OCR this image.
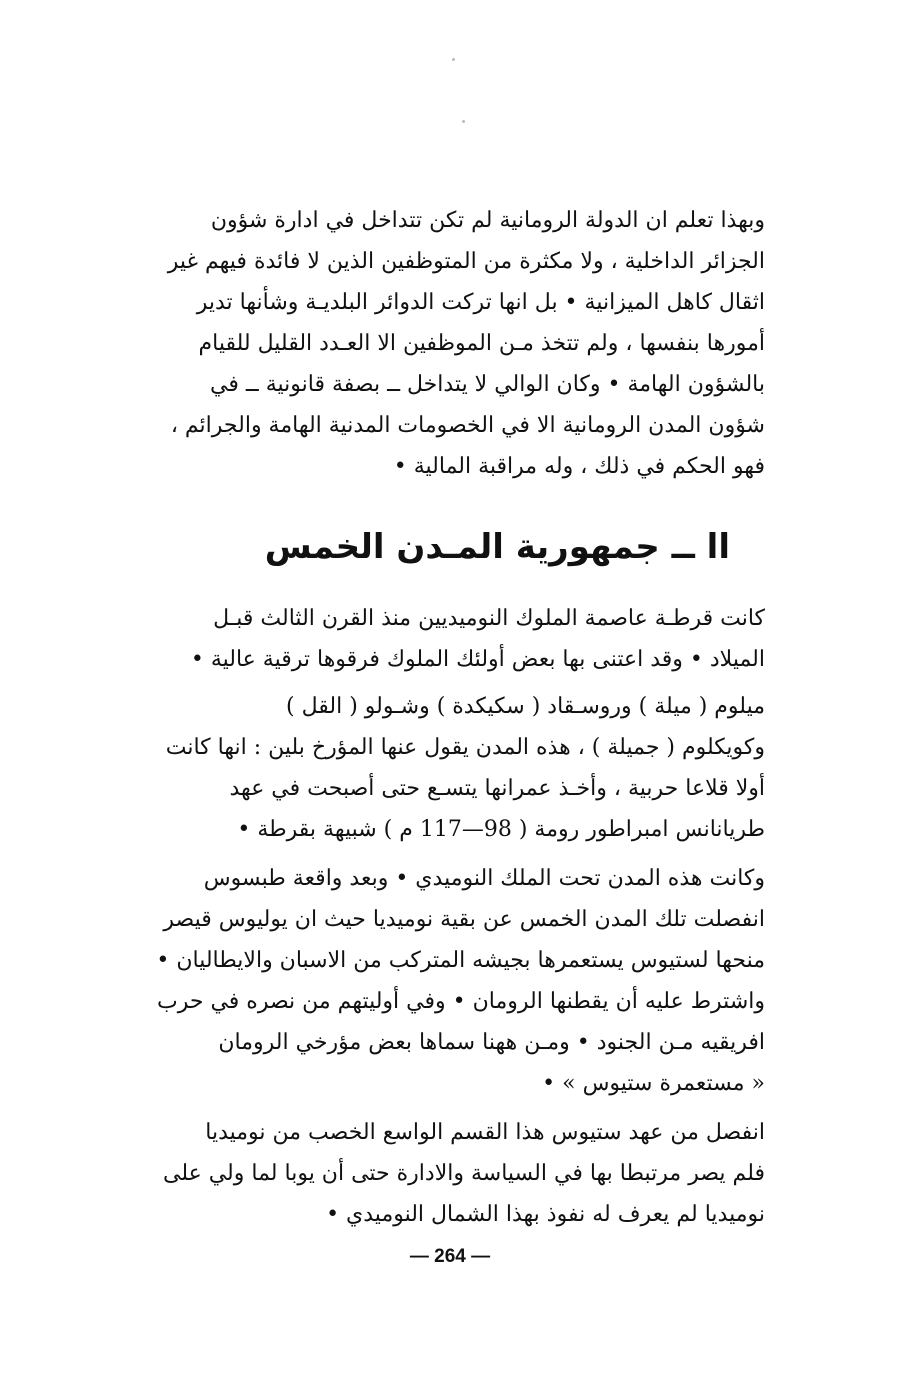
وبهذا تعلم ان الدولة الرومانية لم تكن تتداخل في ادارة شؤون
الجزائر الداخلية ، ولا مكثرة من المتوظفين الذين لا فائدة فيهم غير
اثقال كاهل الميزانية • بل انها تركت الدوائر البلديـة وشأنها تدير
أمورها بنفسها ، ولم تتخذ مـن الموظفين الا العـدد القليل للقيام
بالشؤون الهامة • وكان الوالي لا يتداخل ــ بصفة قانونية ــ في
شؤون المدن الرومانية الا في الخصومات المدنية الهامة والجرائم ،
فهو الحكم في ذلك ، وله مراقبة المالية •
اا ــ جمهورية المـدن الخمس
كانت قرطـة عاصمة الملوك النوميديين منذ القرن الثالث قبـل
الميلاد • وقد اعتنى بها بعض أولئك الملوك فرقوها ترقية عالية •
ميلوم ( ميلة ) وروسـقاد ( سكيكدة ) وشـولو ( القل )
وكويكلوم ( جميلة ) ، هذه المدن يقول عنها المؤرخ بلين : انها كانت
أولا قلاعا حربية ، وأخـذ عمرانها يتسـع حتى أصبحت في عهد
طريانانس امبراطور رومة ( 98—117 م ) شبيهة بقرطة •
وكانت هذه المدن تحت الملك النوميدي • وبعد واقعة طبسوس
انفصلت تلك المدن الخمس عن بقية نوميديا حيث ان يوليوس قيصر
منحها لستيوس يستعمرها بجيشه المتركب من الاسبان والايطاليان •
واشترط عليه أن يقطنها الرومان • وفي أوليتهم من نصره في حرب
افريقيه مـن الجنود • ومـن ههنا سماها بعض مؤرخي الرومان
« مستعمرة ستيوس » •
انفصل من عهد ستيوس هذا القسم الواسع الخصب من نوميديا
فلم يصر مرتبطا بها في السياسة والادارة حتى أن يوبا لما ولي على
نوميديا لم يعرف له نفوذ بهذا الشمال النوميدي •
— 264 —
